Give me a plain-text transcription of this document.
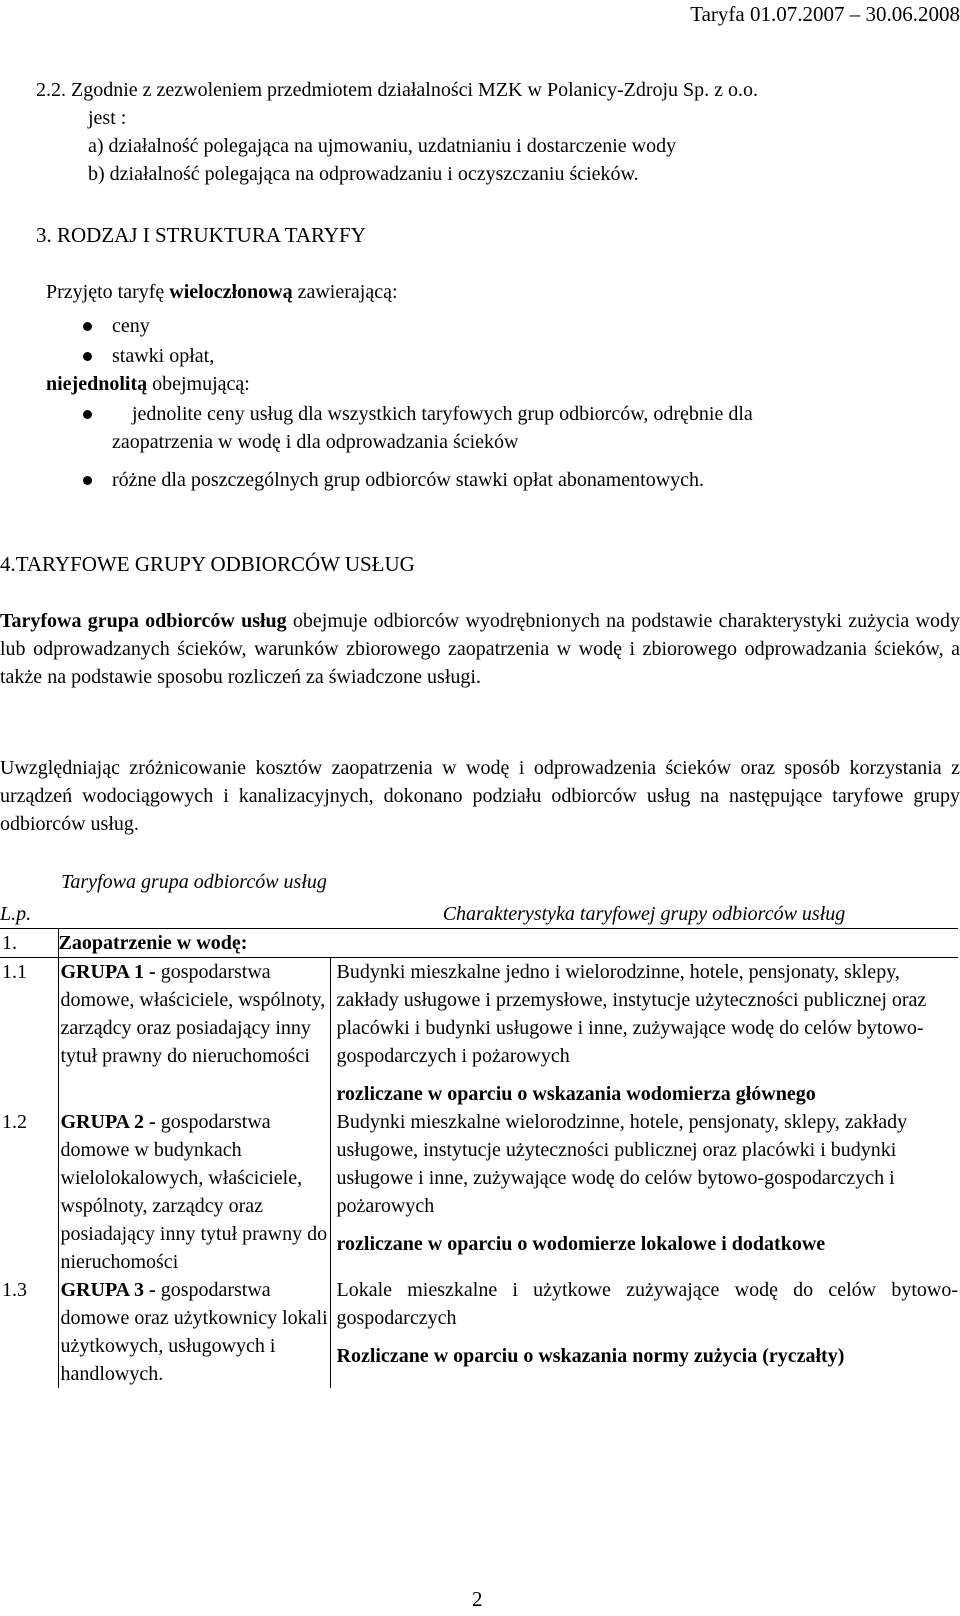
Taryfa 01.07.2007 – 30.06.2008
2.2. Zgodnie z zezwoleniem przedmiotem działalności MZK w Polanicy-Zdroju Sp. z o.o.
jest :
a) działalność polegająca na ujmowaniu, uzdatnianiu i dostarczenie wody
b) działalność polegająca na odprowadzaniu i oczyszczaniu ścieków.
3. RODZAJ I STRUKTURA TARYFY
Przyjęto taryfę wieloczłonową zawierającą:
ceny
stawki opłat,
niejednolitą obejmującą:
jednolite ceny usług dla wszystkich taryfowych grup odbiorców, odrębnie dla
zaopatrzenia w wodę i dla odprowadzania ścieków
różne dla poszczególnych grup odbiorców stawki opłat abonamentowych.
4.TARYFOWE GRUPY ODBIORCÓW USŁUG
Taryfowa grupa odbiorców usług obejmuje odbiorców wyodrębnionych na podstawie charakterystyki zużycia wody lub odprowadzanych ścieków, warunków zbiorowego zaopatrzenia w wodę i zbiorowego odprowadzania ścieków, a także na podstawie sposobu rozliczeń za świadczone usługi.
Uwzględniając zróżnicowanie kosztów zaopatrzenia w wodę i odprowadzenia ścieków oraz sposób korzystania z urządzeń wodociągowych i kanalizacyjnych, dokonano podziału odbiorców usług na następujące taryfowe grupy odbiorców usług.
L.p.	Taryfowa grupa odbiorców usług	Charakterystyka taryfowej grupy odbiorców usług
1.	Zaopatrzenie w wodę:	
1.1	GRUPA 1 - gospodarstwa domowe, właściciele, wspólnoty, zarządcy oraz posiadający inny tytuł prawny do nieruchomości	Budynki mieszkalne jedno i wielorodzinne, hotele, pensjonaty, sklepy, zakłady usługowe i przemysłowe, instytucje użyteczności publicznej oraz placówki i budynki usługowe i inne, zużywające wodę do celów bytowo-gospodarczych i pożarowych
rozliczane w oparciu o wskazania wodomierza głównego

1.2	GRUPA 2 - gospodarstwa domowe w budynkach wielolokalowych, właściciele, wspólnoty, zarządcy oraz posiadający inny tytuł prawny do nieruchomości	Budynki mieszkalne wielorodzinne, hotele, pensjonaty, sklepy, zakłady usługowe, instytucje użyteczności publicznej oraz placówki i budynki usługowe i inne, zużywające wodę do celów bytowo-gospodarczych i pożarowych
rozliczane w oparciu o wodomierze lokalowe i dodatkowe

1.3	GRUPA 3 - gospodarstwa domowe oraz użytkownicy lokali użytkowych, usługowych i handlowych.	Lokale mieszkalne i użytkowe zużywające wodę do celów bytowo-gospodarczych
Rozliczane w oparciu o wskazania normy zużycia (ryczałty)
2
